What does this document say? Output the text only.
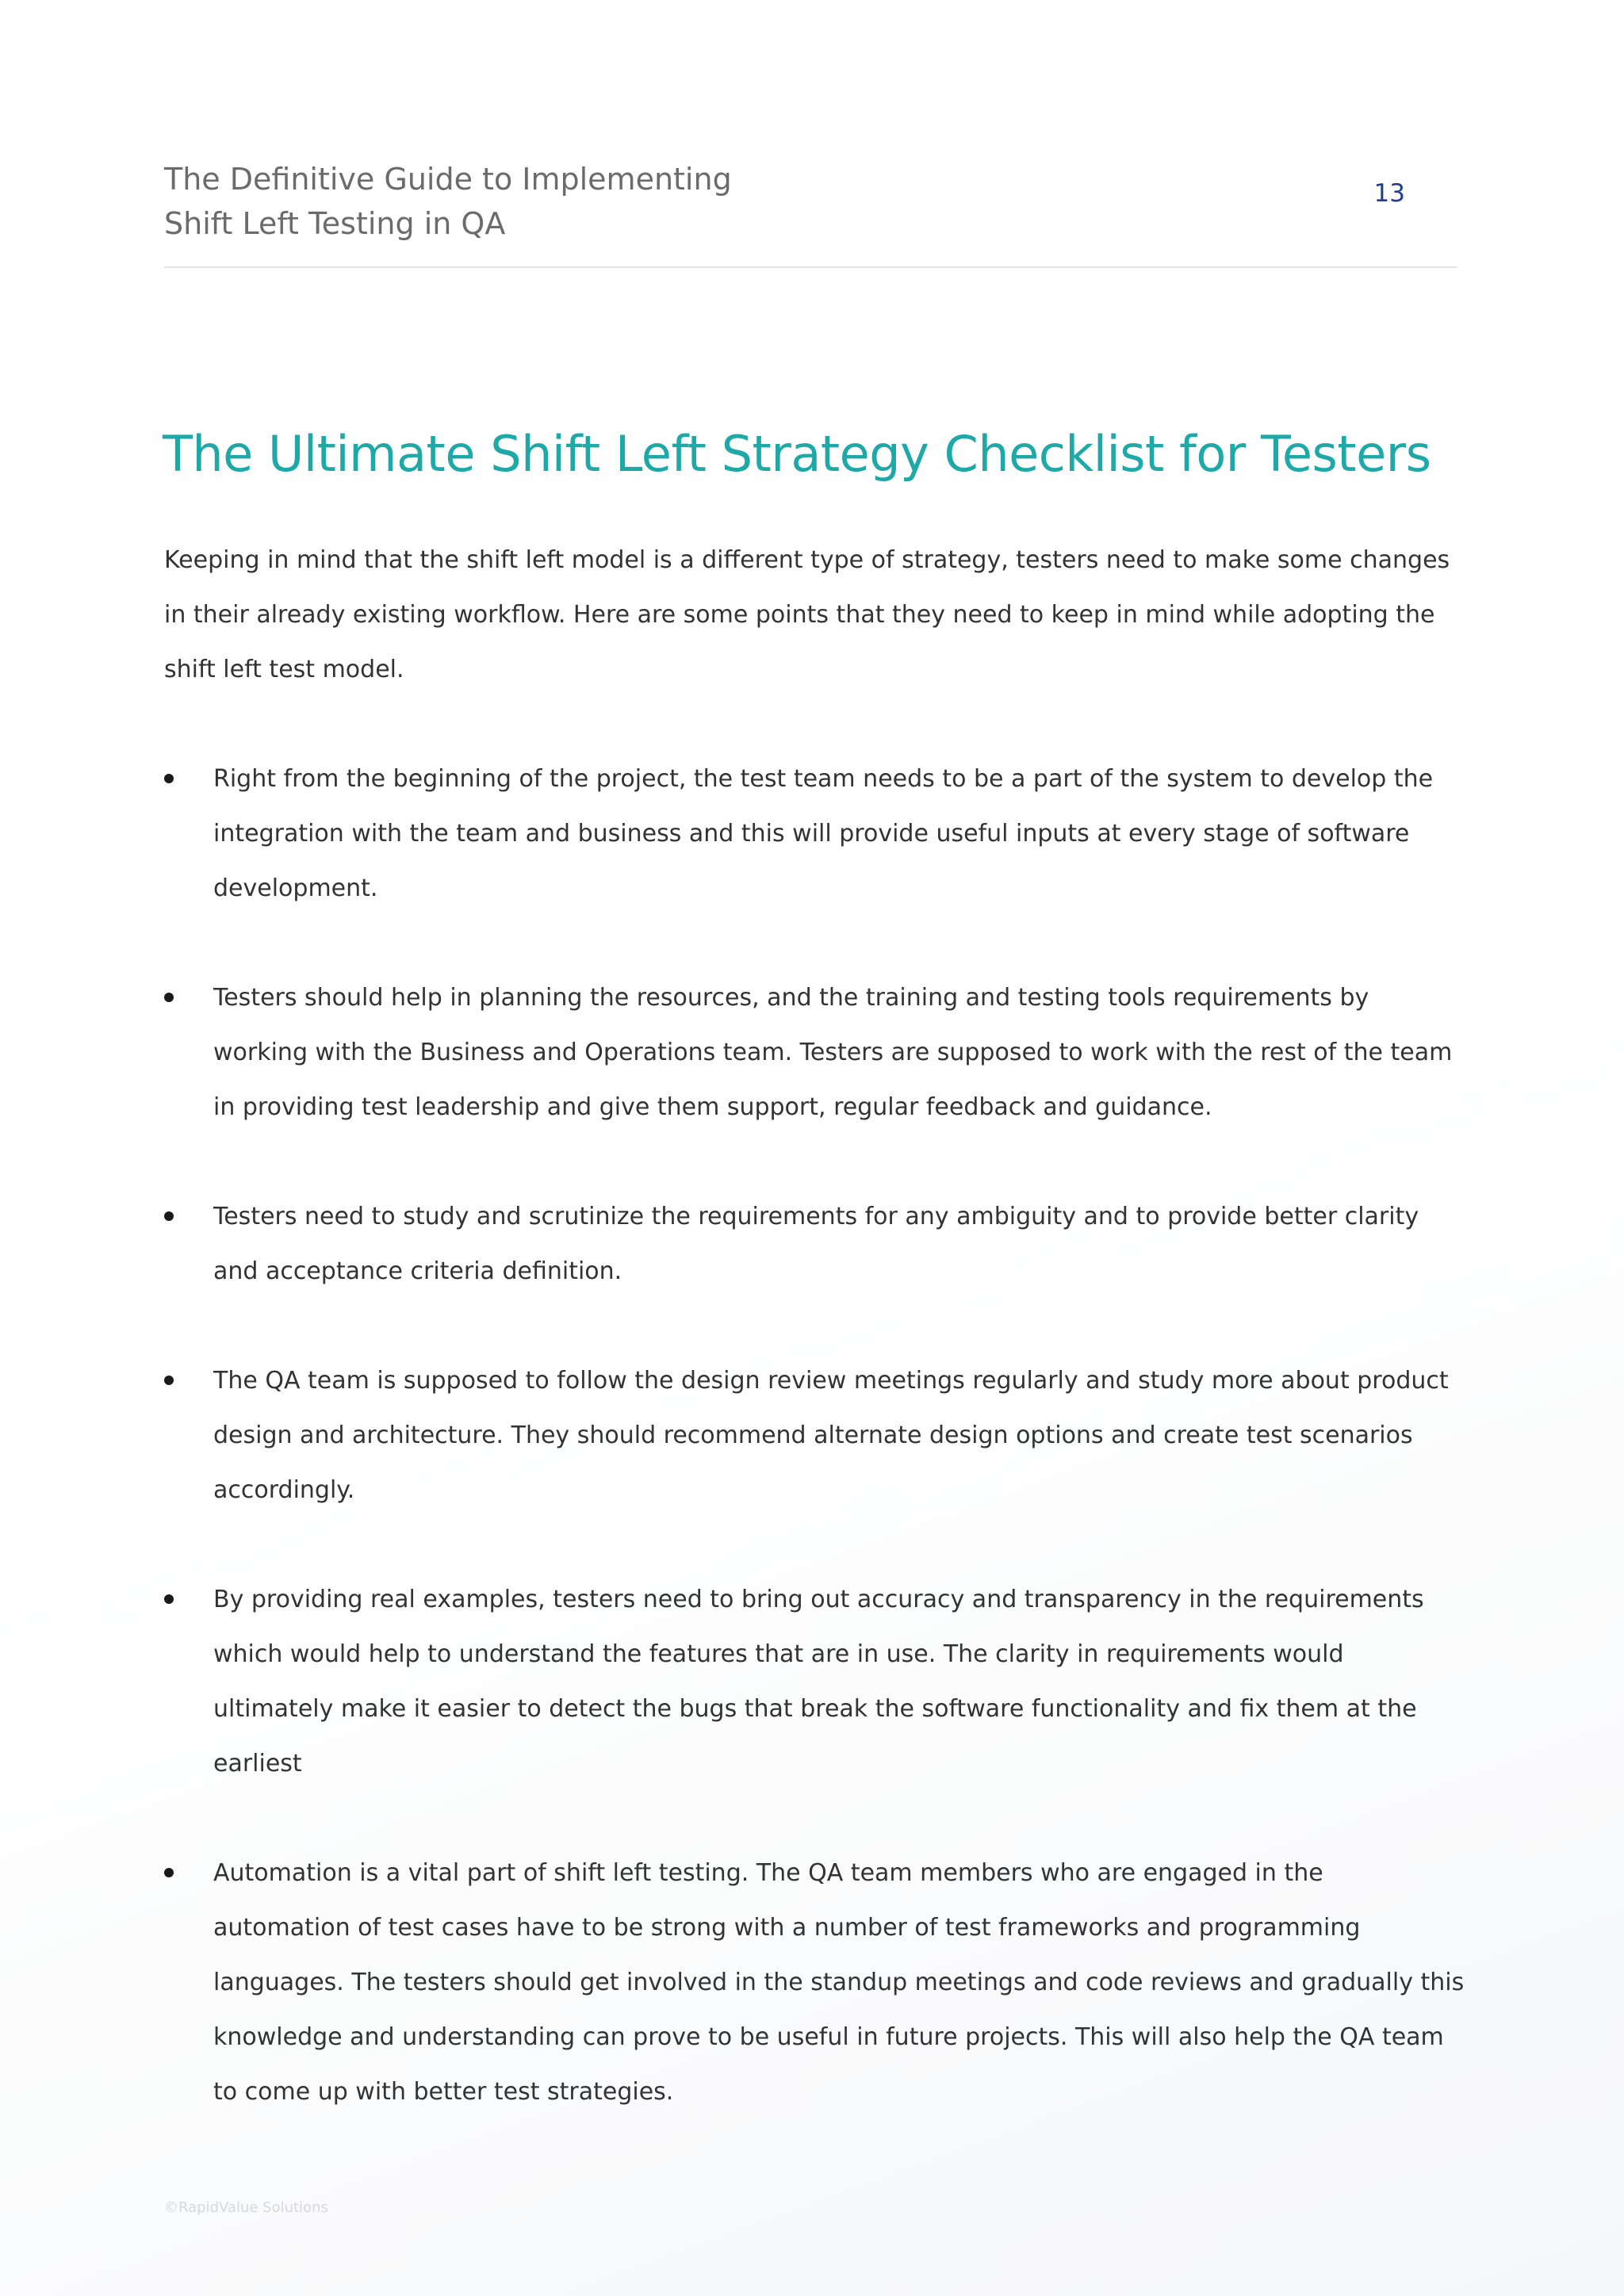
The Definitive Guide to Implementing
Shift Left Testing in QA
13
The Ultimate Shift Left Strategy Checklist for Testers

Keeping in mind that the shift left model is a different type of strategy, testers need to make some changes in their already existing workflow. Here are some points that they need to keep in mind while adopting the shift left test model.

Right from the beginning of the project, the test team needs to be a part of the system to develop the integration with the team and business and this will provide useful inputs at every stage of software development.
Testers should help in planning the resources, and the training and testing tools requirements by working with the Business and Operations team. Testers are supposed to work with the rest of the team in providing test leadership and give them support, regular feedback and guidance.
Testers need to study and scrutinize the requirements for any ambiguity and to provide better clarity and acceptance criteria definition.
The QA team is supposed to follow the design review meetings regularly and study more about product design and architecture. They should recommend alternate design options and create test scenarios accordingly.
By providing real examples, testers need to bring out accuracy and transparency in the requirements which would help to understand the features that are in use. The clarity in requirements would ultimately make it easier to detect the bugs that break the software functionality and fix them at the earliest
Automation is a vital part of shift left testing. The QA team members who are engaged in the automation of test cases have to be strong with a number of test frameworks and programming languages. The testers should get involved in the standup meetings and code reviews and gradually this knowledge and understanding can prove to be useful in future projects. This will also help the QA team to come up with better test strategies.
©RapidValue Solutions
